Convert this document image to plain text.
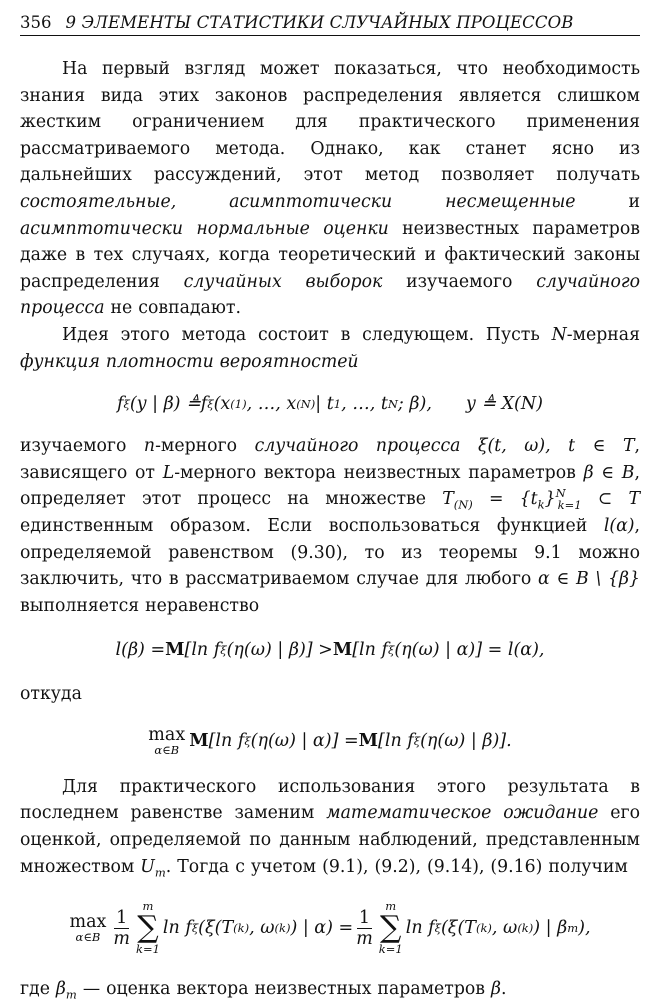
356 9 ЭЛЕМЕНТЫ СТАТИСТИКИ СЛУЧАЙНЫХ ПРОЦЕССОВ

На первый взгляд может показаться, что необходимость знания вида этих законов распределения является слишком жестким ограничением для практического применения рассматриваемого метода. Однако, как станет ясно из дальнейших рассуждений, этот метод позволяет получать состоятельные, асимптотически несмещенные и асимптотически нормальные оценки неизвестных параметров даже в тех случаях, когда теоретический и фактический законы распределения случайных выборок изучаемого случайного процесса не совпадают.

Идея этого метода состоит в следующем. Пусть N-мерная функция плотности вероятностей

f ξ (y | β) ≜ f ξ (x (1) , …, x (N) | t 1 , …, t N ; β), y ≜ X(N)

изучаемого n-мерного случайного процесса ξ(t, ω), t ∈ T, зависящего от L-мерного вектора неизвестных параметров β ∈ B, определяет этот процесс на множестве $T_{(N)} = \{t_k\}^N_{k=1}$ ⊂ T единственным образом. Если воспользоваться функцией l(α), определяемой равенством (9.30), то из теоремы 9.1 можно заключить, что в рассматриваемом случае для любого α ∈ B \ {β} выполняется неравенство

l(β) = M [ln f ξ (η(ω) | β)] > M [ln f ξ (η(ω) | α)] = l(α),

откуда

max
α∈B M [ln f ξ (η(ω) | α)] = M [ln f ξ (η(ω) | β)].

Для практического использования этого результата в последнем равенстве заменим математическое ожидание его оценкой, определяемой по данным наблюдений, представленным множеством $U_m$. Тогда с учетом (9.1), (9.2), (9.14), (9.16) получим

max
α∈B $\frac{1}{m}$
m
∑
k=1
ln f ξ (ξ(T (k) , ω (k) ) | $\alpha) = \frac{1}{m}$
m
∑
k=1
ln f ξ (ξ(T (k) , ω (k) ) | β m ),

где $\beta_m$ — оценка вектора неизвестных параметров β.
